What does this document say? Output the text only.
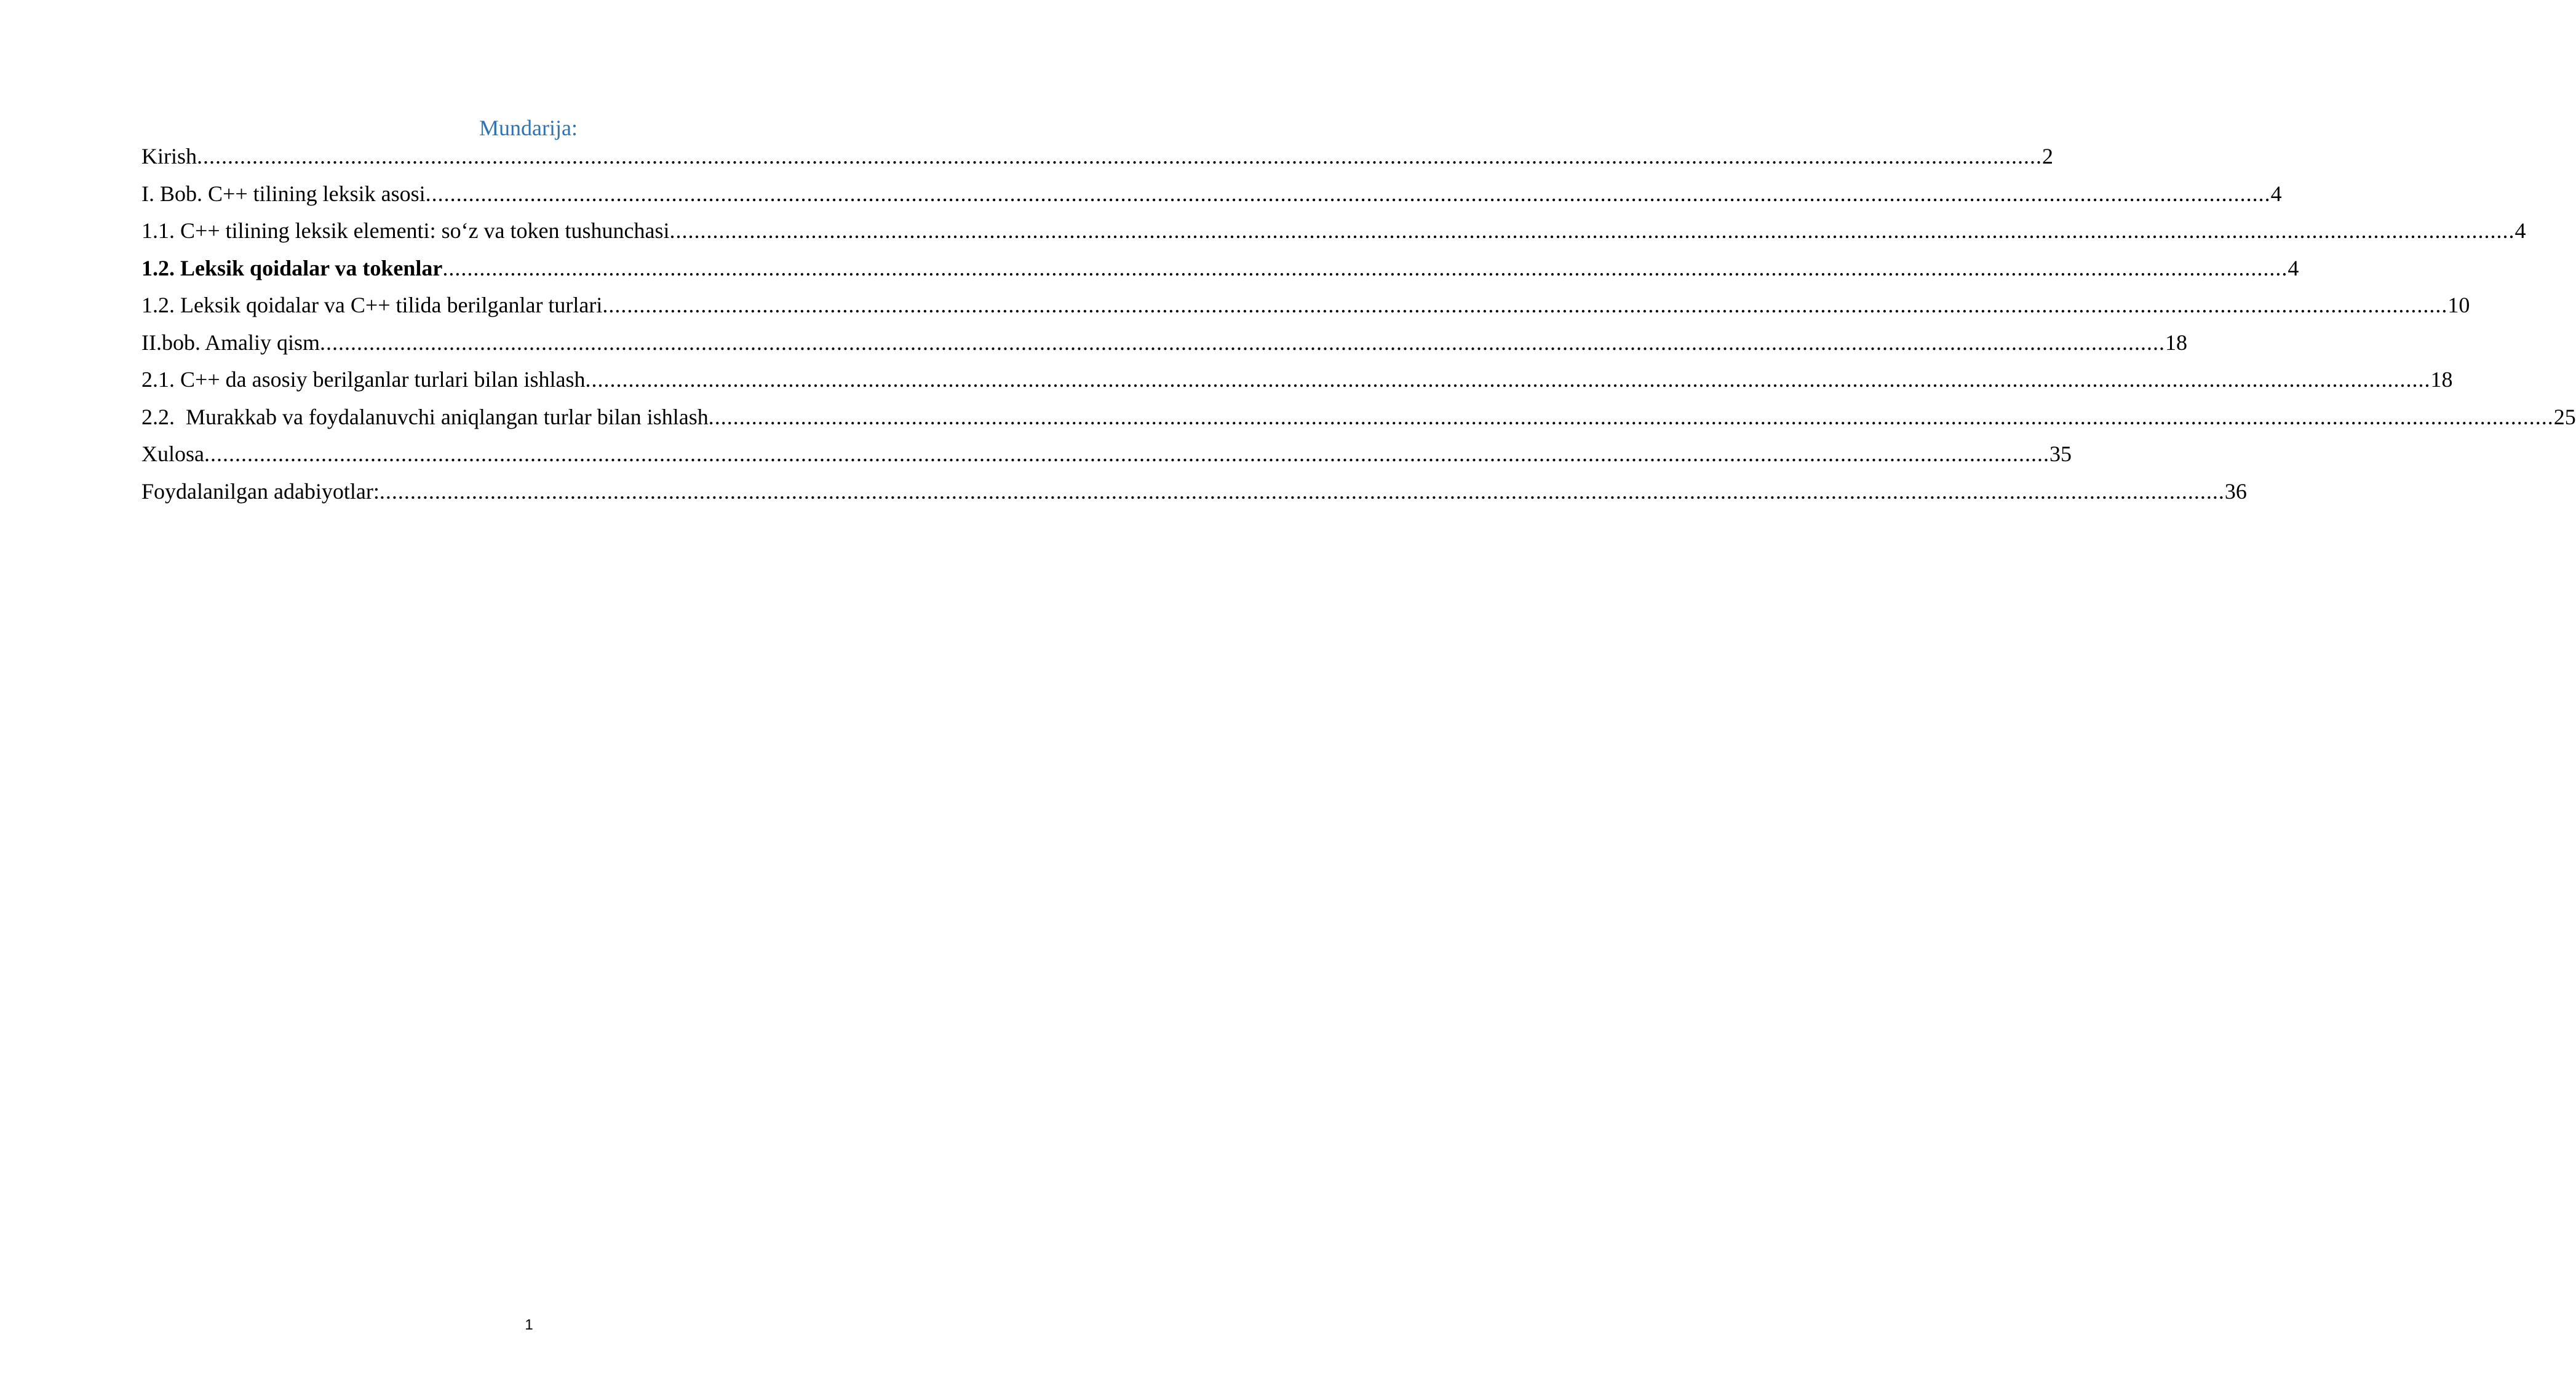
Mundarija:
Kirish ............................................................................................................................................................................................................................................................................................................ 2
I. Bob. C++ tilining leksik asosi ............................................................................................................................................................................................................................................................................................................ 4
1.1. C++ tilining leksik elementi: so‘z va token tushunchasi ............................................................................................................................................................................................................................................................................................................ 4
1.2. Leksik qoidalar va tokenlar ............................................................................................................................................................................................................................................................................................................ 4
1.2. Leksik qoidalar va C++ tilida berilganlar turlari ............................................................................................................................................................................................................................................................................................................ 10
II.bob. Amaliy qism ............................................................................................................................................................................................................................................................................................................ 18
2.1. C++ da asosiy berilganlar turlari bilan ishlash ............................................................................................................................................................................................................................................................................................................ 18
2.2.  Murakkab va foydalanuvchi aniqlangan turlar bilan ishlash ............................................................................................................................................................................................................................................................................................................ 25
Xulosa ............................................................................................................................................................................................................................................................................................................ 35
Foydalanilgan adabiyotlar: ............................................................................................................................................................................................................................................................................................................ 36
1
